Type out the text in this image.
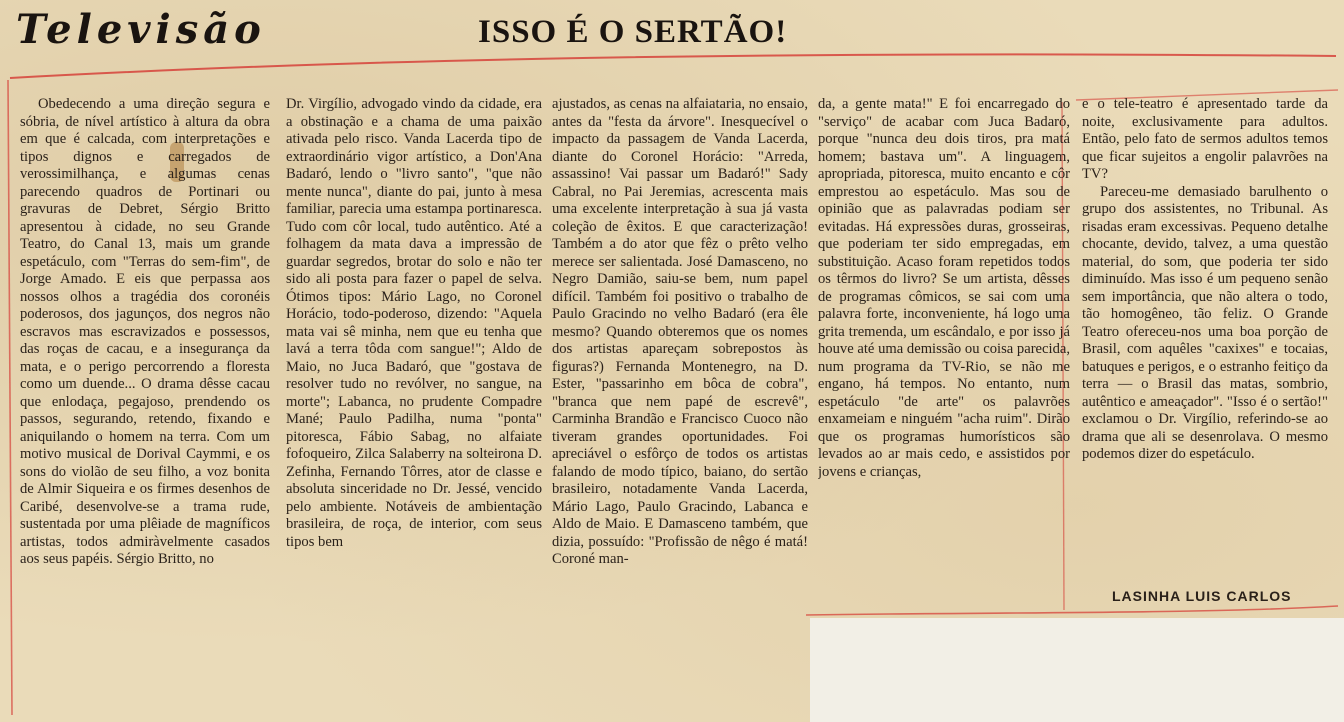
Televisão	ISSO É O SERTÃO!

Obedecendo a uma direção segura e sóbria, de nível artístico à altura da obra em que é calcada, com interpretações e tipos dignos e carregados de verossimilhança, e algumas cenas parecendo quadros de Portinari ou gravuras de Debret, Sérgio Britto apresentou à cidade, no seu Grande Teatro, do Canal 13, mais um grande espetáculo, com "Terras do sem-fim", de Jorge Amado. E eis que perpassa aos nossos olhos a tragédia dos coronéis poderosos, dos jagunços, dos negros não escravos mas escravizados e possessos, das roças de cacau, e a insegurança da mata, e o perigo percorrendo a floresta como um duende... O drama dêsse cacau que enlodaça, pegajoso, prendendo os passos, segurando, retendo, fixando e aniquilando o homem na terra. Com um motivo musical de Dorival Caymmi, e os sons do violão de seu filho, a voz bonita de Almir Siqueira e os firmes desenhos de Caribé, desenvolve-se a trama rude, sustentada por uma plêiade de magníficos artistas, todos admiràvelmente casados aos seus papéis. Sérgio Britto, no

Dr. Virgílio, advogado vindo da cidade, era a obstinação e a chama de uma paixão ativada pelo risco. Vanda Lacerda tipo de extraordinário vigor artístico, a Don'Ana Badaró, lendo o "livro santo", "que não mente nunca", diante do pai, junto à mesa familiar, parecia uma estampa portinaresca. Tudo com côr local, tudo autêntico. Até a folhagem da mata dava a impressão de guardar segredos, brotar do solo e não ter sido ali posta para fazer o papel de selva. Ótimos tipos: Mário Lago, no Coronel Horácio, todo-poderoso, dizendo: "Aquela mata vai sê minha, nem que eu tenha que lavá a terra tôda com sangue!"; Aldo de Maio, no Juca Badaró, que "gostava de resolver tudo no revólver, no sangue, na morte"; Labanca, no prudente Compadre Mané; Paulo Padilha, numa "ponta" pitoresca, Fábio Sabag, no alfaiate fofoqueiro, Zilca Salaberry na solteirona D. Zefinha, Fernando Tôrres, ator de classe e absoluta sinceridade no Dr. Jessé, vencido pelo ambiente. Notáveis de ambientação brasileira, de roça, de interior, com seus tipos bem

ajustados, as cenas na alfaiataria, no ensaio, antes da "festa da árvore". Inesquecível o impacto da passagem de Vanda Lacerda, diante do Coronel Horácio: "Arreda, assassino! Vai passar um Badaró!" Sady Cabral, no Pai Jeremias, acrescenta mais uma excelente interpretação à sua já vasta coleção de êxitos. E que caracterização! Também a do ator que fêz o prêto velho merece ser salientada. José Damasceno, no Negro Damião, saiu-se bem, num papel difícil. Também foi positivo o trabalho de Paulo Gracindo no velho Badaró (era êle mesmo? Quando obteremos que os nomes dos artistas apareçam sobrepostos às figuras?) Fernanda Montenegro, na D. Ester, "passarinho em bôca de cobra", "branca que nem papé de escrevê", Carminha Brandão e Francisco Cuoco não tiveram grandes oportunidades. Foi apreciável o esfôrço de todos os artistas falando de modo típico, baiano, do sertão brasileiro, notadamente Vanda Lacerda, Mário Lago, Paulo Gracindo, Labanca e Aldo de Maio. E Damasceno também, que dizia, possuído: "Profissão de nêgo é matá! Coroné man-

da, a gente mata!" E foi encarregado do "serviço" de acabar com Juca Badaró, porque "nunca deu dois tiros, pra matá homem; bastava um". A linguagem, apropriada, pitoresca, muito encanto e côr emprestou ao espetáculo. Mas sou de opinião que as palavradas podiam ser evitadas. Há expressões duras, grosseiras, que poderiam ter sido empregadas, em substituição. Acaso foram repetidos todos os têrmos do livro? Se um artista, dêsses de programas cômicos, se sai com uma palavra forte, inconveniente, há logo uma grita tremenda, um escândalo, e por isso já houve até uma demissão ou coisa parecida, num programa da TV-Rio, se não me engano, há tempos. No entanto, num espetáculo "de arte" os palavrões enxameiam e ninguém "acha ruim". Dirão que os programas humorísticos são levados ao ar mais cedo, e assistidos por jovens e crianças,

e o tele-teatro é apresentado tarde da noite, exclusivamente para adultos. Então, pelo fato de sermos adultos temos que ficar sujeitos a engolir palavrões na TV?

Pareceu-me demasiado barulhento o grupo dos assistentes, no Tribunal. As risadas eram excessivas. Pequeno detalhe chocante, devido, talvez, a uma questão material, do som, que poderia ter sido diminuído. Mas isso é um pequeno senão sem importância, que não altera o todo, tão homogêneo, tão feliz. O Grande Teatro ofereceu-nos uma boa porção de Brasil, com aquêles "caxixes" e tocaias, batuques e perigos, e o estranho feitiço da terra — o Brasil das matas, sombrio, autêntico e ameaçador". "Isso é o sertão!" exclamou o Dr. Virgílio, referindo-se ao drama que ali se desenrolava. O mesmo podemos dizer do espetáculo.

LASINHA LUIS CARLOS
